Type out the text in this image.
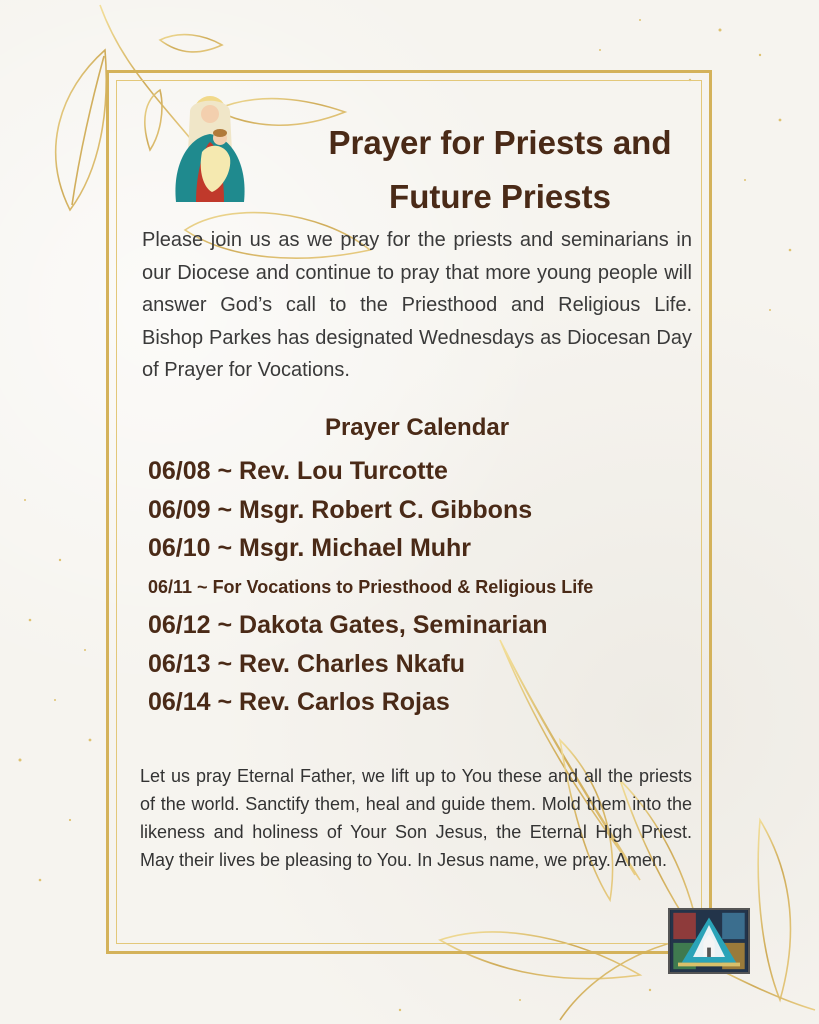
Prayer for Priests and
Future Priests

Please join us as we pray for the priests and seminarians in our Diocese and continue to pray that more young people will answer God’s call to the Priesthood and Religious Life. Bishop Parkes has designated Wednesdays as Diocesan Day of Prayer for Vocations.

Prayer Calendar
06/08 ~ Rev. Lou Turcotte
06/09 ~ Msgr. Robert C. Gibbons
06/10 ~ Msgr. Michael Muhr
06/11 ~ For Vocations to Priesthood & Religious Life
06/12 ~ Dakota Gates, Seminarian
06/13 ~ Rev. Charles Nkafu
06/14 ~ Rev. Carlos Rojas

Let us pray Eternal Father, we lift up to You these and all the priests of the world. Sanctify them, heal and guide them. Mold them into the likeness and holiness of Your Son Jesus, the Eternal High Priest. May their lives be pleasing to You. In Jesus name, we pray. Amen.
